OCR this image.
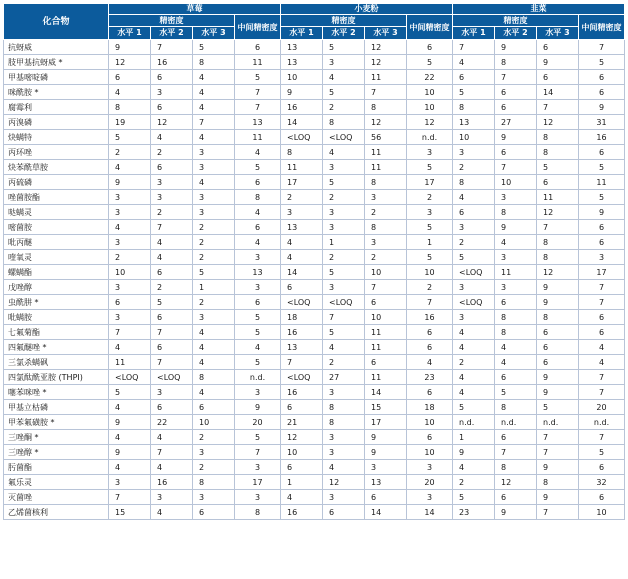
化合物	草莓				小麦粉				韭菜			
	精密度			中间精密度	精密度			中间精密度	精密度			中间精密度
	水平 1	水平 2	水平 3		水平 1	水平 2	水平 3		水平 1	水平 2	水平 3	
抗蚜威	9	7	5	6	13	5	12	6	7	9	6	7
肢甲基抗蚜威 *	12	16	8	11	13	3	12	5	4	8	9	5
甲基嘧啶磷	6	6	4	5	10	4	11	22	6	7	6	6
咪酰胺 *	4	3	4	7	9	5	7	10	5	6	14	6
腐霉利	8	6	4	7	16	2	8	10	8	6	7	9
丙溴磷	19	12	7	13	14	8	12	12	13	27	12	31
炔螨特	5	4	4	11	<LOQ	<LOQ	56	n.d.	10	9	8	16
丙环唑	2	2	3	4	8	4	11	3	3	6	8	6
炔苯酰草胺	4	6	3	5	11	3	11	5	2	7	5	5
丙硫磷	9	3	4	6	17	5	8	17	8	10	6	11
唑菌胺酯	3	3	3	8	2	2	3	2	4	3	11	5
哒螨灵	3	2	3	4	3	3	2	3	6	8	12	9
嘧菌胺	4	7	2	6	13	3	8	5	3	9	7	6
吡丙醚	3	4	2	4	4	1	3	1	2	4	8	6
喹氧灵	2	4	2	3	4	2	2	5	5	3	8	3
螺螨酯	10	6	5	13	14	5	10	10	<LOQ	11	12	17
戊唑醇	3	2	1	3	6	3	7	2	3	3	9	7
虫酰肼 *	6	5	2	6	<LOQ	<LOQ	6	7	<LOQ	6	9	7
吡螨胺	3	6	3	5	18	7	10	16	3	8	8	6
七氟菊酯	7	7	4	5	16	5	11	6	4	8	6	6
四氟醚唑 *	4	6	4	4	13	4	11	6	4	4	6	4
三氯杀螨砜	11	7	4	5	7	2	6	4	2	4	6	4
四氯酞酰亚胺 (THPI)	<LOQ	<LOQ	8	n.d.	<LOQ	27	11	23	4	6	9	7
噻苯咪唑 *	5	3	4	3	16	3	14	6	4	5	9	7
甲基立枯磷	4	6	6	9	6	8	15	18	5	8	5	20
甲苯氟磺胺 *	9	22	10	20	21	8	17	10	n.d.	n.d.	n.d.	n.d.
三唑酮 *	4	4	2	5	12	3	9	6	1	6	7	7
三唑醇 *	9	7	3	7	10	3	9	10	9	7	7	5
肟菌酯	4	4	2	3	6	4	3	3	4	8	9	6
氟乐灵	3	16	8	17	1	12	13	20	2	12	8	32
灭菌唑	7	3	3	3	4	3	6	3	5	6	9	6
乙烯菌核利	15	4	6	8	16	6	14	14	23	9	7	10
